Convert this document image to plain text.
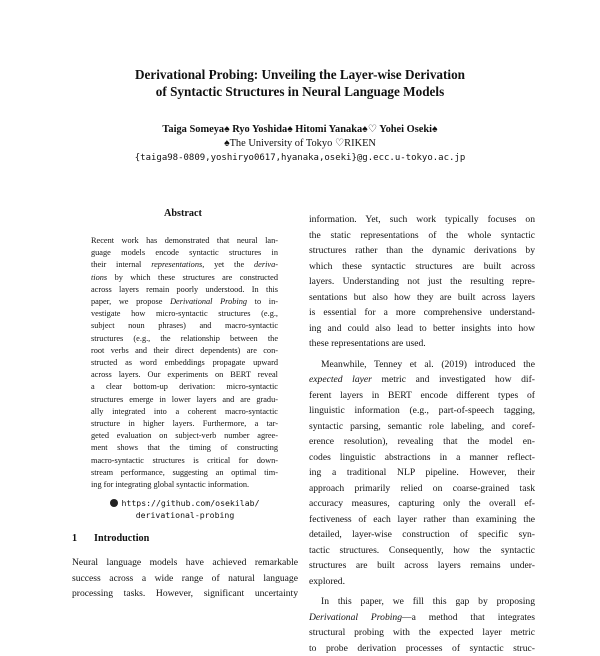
Derivational Probing: Unveiling the Layer-wise Derivation
of Syntactic Structures in Neural Language Models
Taiga Someya♠ Ryo Yoshida♠ Hitomi Yanaka♠♡ Yohei Oseki♠
♠The University of Tokyo ♡RIKEN
{taiga98-0809,yoshiryo0617,hyanaka,oseki}@g.ecc.u-tokyo.ac.jp
Abstract
Recent work has demonstrated that neural lan-
guage models encode syntactic structures in
their internal representations, yet the deriva-
tions by which these structures are constructed
across layers remain poorly understood. In this
paper, we propose Derivational Probing to in-
vestigate how micro-syntactic structures (e.g.,
subject noun phrases) and macro-syntactic
structures (e.g., the relationship between the
root verbs and their direct dependents) are con-
structed as word embeddings propagate upward
across layers. Our experiments on BERT reveal
a clear bottom-up derivation: micro-syntactic
structures emerge in lower layers and are gradu-
ally integrated into a coherent macro-syntactic
structure in higher layers. Furthermore, a tar-
geted evaluation on subject-verb number agree-
ment shows that the timing of constructing
macro-syntactic structures is critical for down-
stream performance, suggesting an optimal tim-
ing for integrating global syntactic information.
https://github.com/osekilab/
derivational-probing
1 Introduction
Neural language models have achieved remarkable
success across a wide range of natural language
processing tasks. However, significant uncertainty
information. Yet, such work typically focuses on
the static representations of the whole syntactic
structures rather than the dynamic derivations by
which these syntactic structures are built across
layers. Understanding not just the resulting repre-
sentations but also how they are built across layers
is essential for a more comprehensive understand-
ing and could also lead to better insights into how
these representations are used.
Meanwhile, Tenney et al. (2019) introduced the
expected layer metric and investigated how dif-
ferent layers in BERT encode different types of
linguistic information (e.g., part-of-speech tagging,
syntactic parsing, semantic role labeling, and coref-
erence resolution), revealing that the model en-
codes linguistic abstractions in a manner reflect-
ing a traditional NLP pipeline. However, their
approach primarily relied on coarse-grained task
accuracy measures, capturing only the overall ef-
fectiveness of each layer rather than examining the
detailed, layer-wise construction of specific syn-
tactic structures. Consequently, how the syntactic
structures are built across layers remains under-
explored.
In this paper, we fill this gap by proposing
Derivational Probing—a method that integrates
structural probing with the expected layer metric
to probe derivation processes of syntactic struc-
